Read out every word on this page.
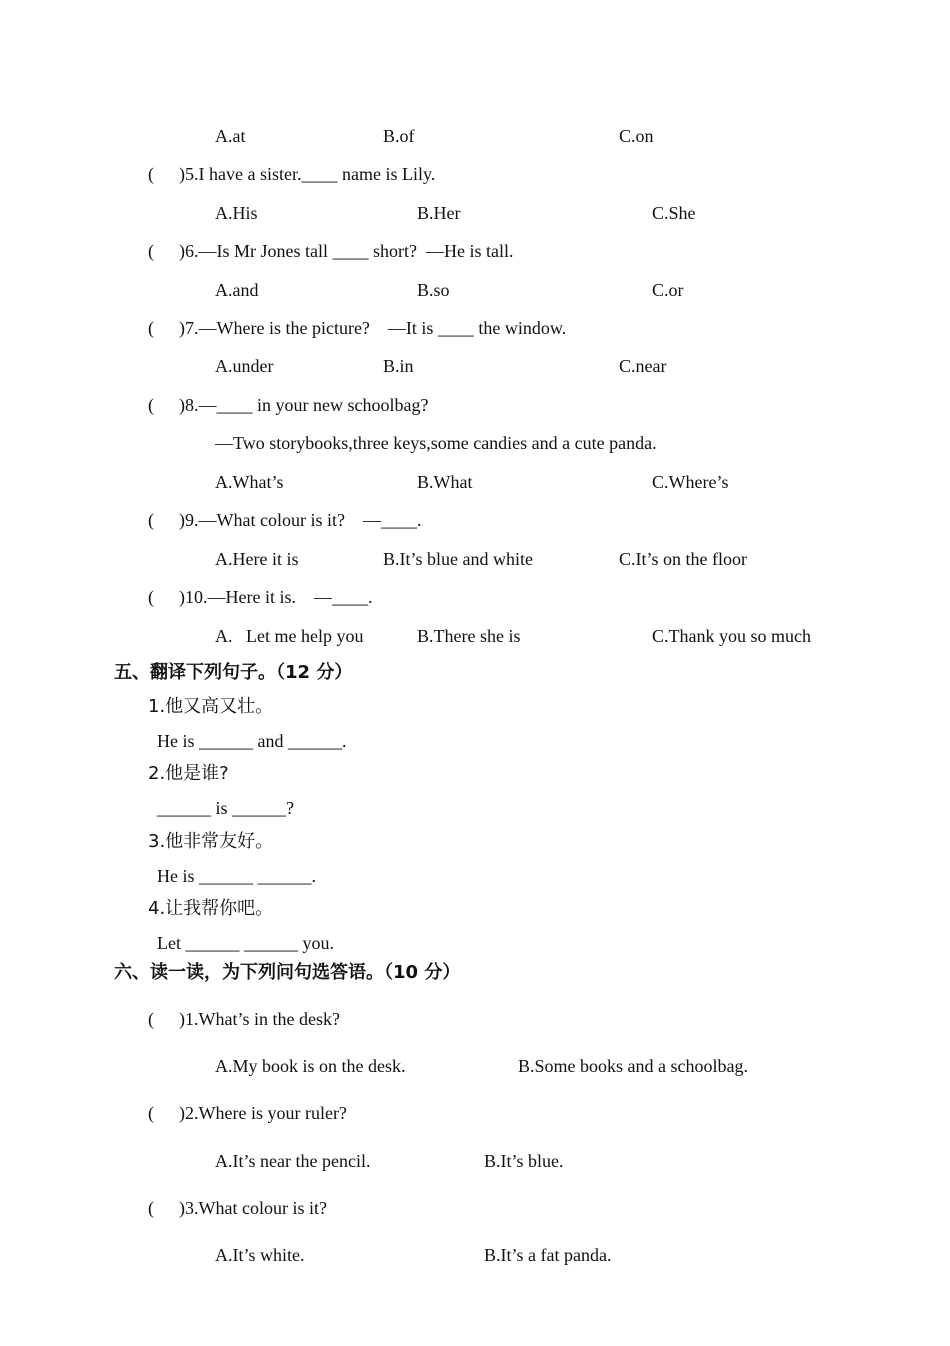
A.at	B.of	C.on
( )5.I have a sister.____ name is Lily.
A.His	B.Her	C.She
( )6.—Is Mr Jones tall ____ short?  —He is tall.
A.and	B.so	C.or
( )7.—Where is the picture?    —It is ____ the window.
A.under	B.in	C.near
( )8.—____ in your new schoolbag?
—Two storybooks,three keys,some candies and a cute panda.
A.What’s	B.What	C.Where’s
( )9.—What colour is it?    —____.
A.Here it is	B.It’s blue and white	C.It’s on the floor
( )10.—Here it is.    —____.
A.   Let me help you	B.There she is	C.Thank you so much
五、翻译下列句子。（12 分）
1.他又高又壮。
He is ______ and ______.
2.他是谁?
______ is ______?
3.他非常友好。
He is ______ ______.
4.让我帮你吧。
Let ______ ______ you.
六、读一读，为下列问句选答语。（10 分）
( )1.What’s in the desk?
A.My book is on the desk.	B.Some books and a schoolbag.
( )2.Where is your ruler?
A.It’s near the pencil.	B.It’s blue.
( )3.What colour is it?
A.It’s white.	B.It’s a fat panda.
